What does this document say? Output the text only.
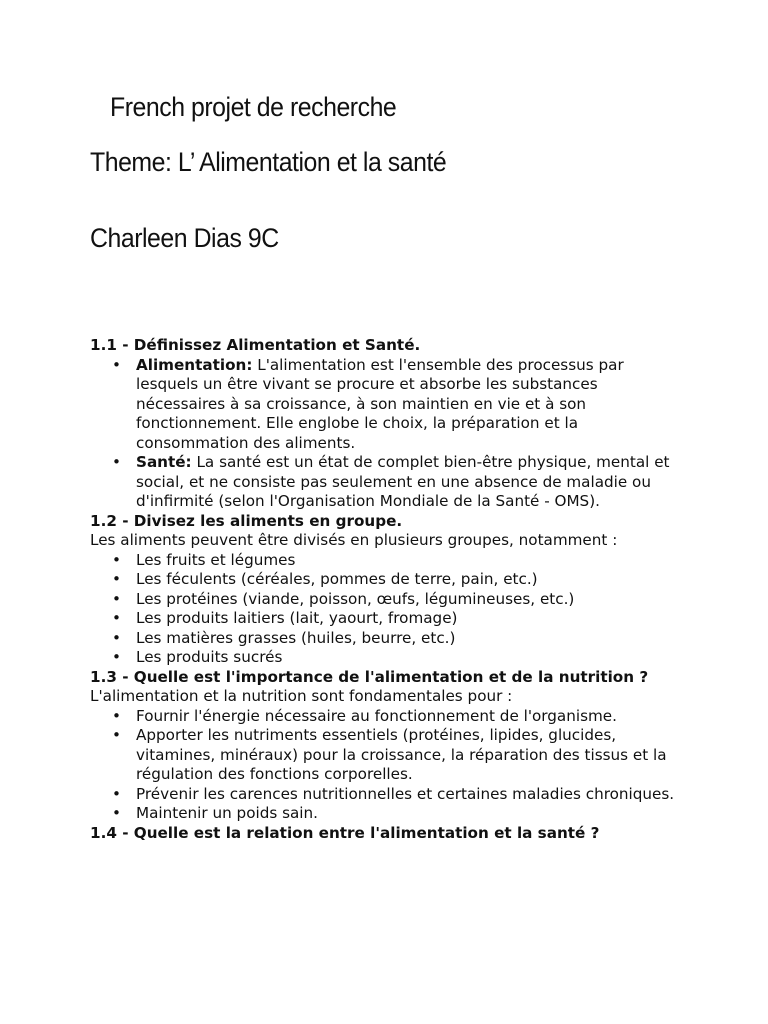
French projet de recherche
Theme: L’ Alimentation et la santé
Charleen Dias 9C

1.1 - Définissez Alimentation et Santé.

• Alimentation: L'alimentation est l'ensemble des processus par lesquels un être vivant se procure et absorbe les substances nécessaires à sa croissance, à son maintien en vie et à son fonctionnement. Elle englobe le choix, la préparation et la consommation des aliments.
• Santé: La santé est un état de complet bien-être physique, mental et social, et ne consiste pas seulement en une absence de maladie ou d'infirmité (selon l'Organisation Mondiale de la Santé - OMS).

1.2 - Divisez les aliments en groupe.

Les aliments peuvent être divisés en plusieurs groupes, notamment :

• Les fruits et légumes
• Les féculents (céréales, pommes de terre, pain, etc.)
• Les protéines (viande, poisson, œufs, légumineuses, etc.)
• Les produits laitiers (lait, yaourt, fromage)
• Les matières grasses (huiles, beurre, etc.)
• Les produits sucrés

1.3 - Quelle est l'importance de l'alimentation et de la nutrition ?

L'alimentation et la nutrition sont fondamentales pour :

• Fournir l'énergie nécessaire au fonctionnement de l'organisme.
• Apporter les nutriments essentiels (protéines, lipides, glucides, vitamines, minéraux) pour la croissance, la réparation des tissus et la régulation des fonctions corporelles.
• Prévenir les carences nutritionnelles et certaines maladies chroniques.
• Maintenir un poids sain.

1.4 - Quelle est la relation entre l'alimentation et la santé ?
